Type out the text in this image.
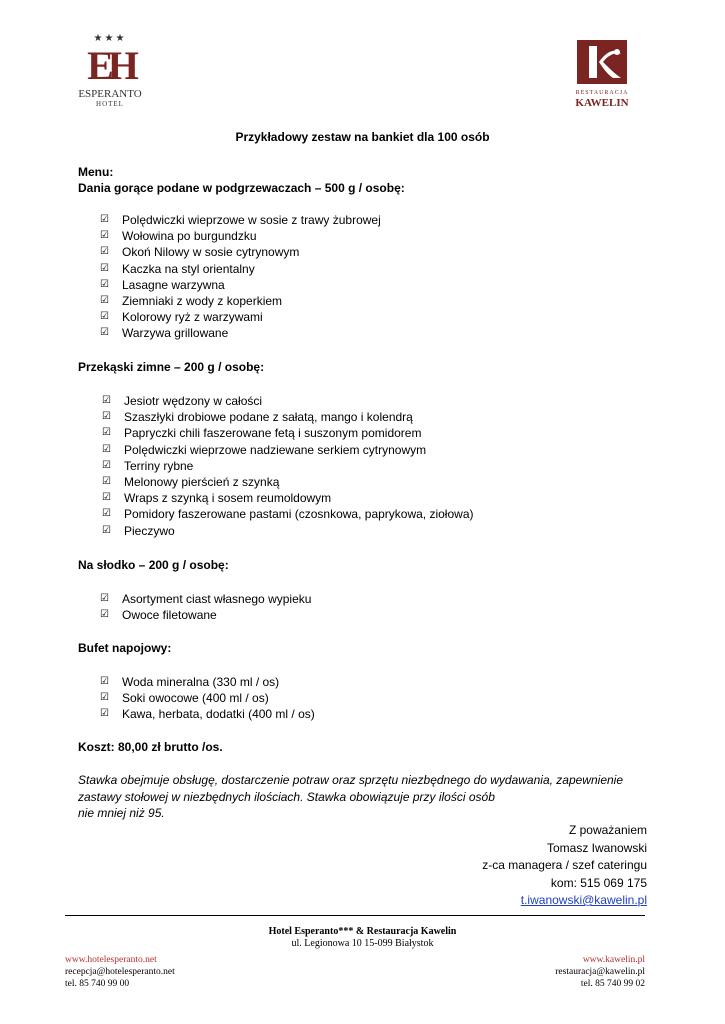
★★★
EH
ESPERANTO
HOTEL
RESTAURACJA
KAWELIN
Przykładowy zestaw na bankiet dla 100 osób
Menu:
Dania gorące podane w podgrzewaczach – 500 g / osobę:
☑ Polędwiczki wieprzowe w sosie z trawy żubrowej
☑ Wołowina po burgundzku
☑ Okoń Nilowy w sosie cytrynowym
☑ Kaczka na styl orientalny
☑ Lasagne warzywna
☑ Ziemniaki z wody z koperkiem
☑ Kolorowy ryż z warzywami
☑ Warzywa grillowane
Przekąski zimne – 200 g / osobę:
☑ Jesiotr wędzony w całości
☑ Szaszłyki drobiowe podane z sałatą, mango i kolendrą
☑ Papryczki chili faszerowane fetą i suszonym pomidorem
☑ Polędwiczki wieprzowe nadziewane serkiem cytrynowym
☑ Terriny rybne
☑ Melonowy pierścień z szynką
☑ Wraps z szynką i sosem reumoldowym
☑ Pomidory faszerowane pastami (czosnkowa, paprykowa, ziołowa)
☑ Pieczywo
Na słodko – 200 g / osobę:
☑ Asortyment ciast własnego wypieku
☑ Owoce filetowane
Bufet napojowy:
☑ Woda mineralna (330 ml / os)
☑ Soki owocowe (400 ml / os)
☑ Kawa, herbata, dodatki (400 ml / os)
Koszt: 80,00 zł brutto /os.
Stawka obejmuje obsługę, dostarczenie potraw oraz sprzętu niezbędnego do wydawania, zapewnienie zastawy stołowej w niezbędnych ilościach. Stawka obowiązuje przy ilości osób
nie mniej niż 95.
Z poważaniem
Tomasz Iwanowski
z-ca managera / szef cateringu
kom: 515 069 175
t.iwanowski@kawelin.pl
Hotel Esperanto*** & Restauracja Kawelin
ul. Legionowa 10 15-099 Białystok
www.hotelesperanto.net
recepcja@hotelesperanto.net
tel. 85 740 99 00
www.kawelin.pl
restauracja@kawelin.pl
tel. 85 740 99 02
